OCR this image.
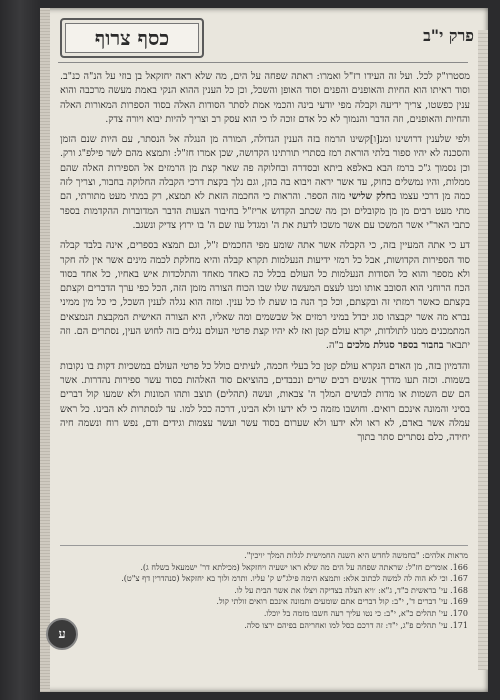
פרק י"ב
כסף צרוף

מסטרו"ק לכל. ועל זה העידו רז"ל ואמרו: ראתה שפחה על הים, מה שלא ראה יחזקאל בן בוזי על הנ"ה כנ"ב. וסוד ראיתו הוא החיות והאופנים והפנים וסוד האופן והשכל, וכן כל הענין ההוא הנקי באמת מעשה מרכבה והוא ענין כפשטו, צריך ידיעה וקבלה מפי יודעי בינה והכמי אמת לסתר הסודות האלה בסוד הספרות המאורות האלה והחיות והאופנים, וזה הדבר והנמוך לא כל אדם זוכה לו כי הוא עסק רב וצריך להיות יבוא ויורה צדק.

ולפי שלענין דרושינו ומנ[ו]קשינו הרמוז בזה הענין הגדולה, המורה מן הנגלה אל הנסתר, עם היות שנם הזמן והסכנה לא יהיו ספור בלתי הוראת רמז בסתרי תורתינו הקדושה, שכן אמרו חז"ל: ותמצא מהם לשר פילפ"ג ורק. וכן נסמוך ג"כ ברמז הבא באלפא ביתא ובסדרה ובחלוקה פה שאר קצת מן הרמזים אל הספירות האלה שהם ממלות, והיו נמשלים כחוק, עד אשר יראה ויבוא בה בהן, וגם נלך בקצת דרכי הקבלה החלוקה בחבור, וצריך לזה כמה מן דרכי עצמו בחלק שלישי מזה הספר. והראות כי החכמה הזאת לא תמצא, רק במתי מעט מתורתי, הם מתי מעט רבים מן מן מקובלים וכן מה שכתב הקדוש אריז"ל בחיבור הצעות הדבר המדוברות ההקדמות בספר כתבי האר"י אשר המשכו עם אשר משכו לדעת את ה' ומגדל עוז שם ה' בו ירוץ צדיק ונשגב.

דע כי אתה המעיין בזה, כי הקבלה אשר אתה שומע מפי החכמים ז"ל, וגם תמצא בספרים, אינה בלבד קבלה סוד הספירות הקדושות, אבל כל רמזי ידיעות הנעלמות תקרא קבלה והיא מחלקת לכמה מינים אשר אין לה חקר ולא מספר והוא כל הסודות הנעלמות כל העולם בכלל כה כאחד מאחד והתלכדות איש באחיו, כל אחד בסוד הכח הרוחני הוא הסובב אותו ומנו לעצם המעשה שלו שבו הכוח הצורה מזמן הזה, הכל כפי ערך הדברים וקצתם בקצתם כאשר רמזתי זה ובקצתם, וכל כך הנה בו שעת לו כל ענין. ומזה הוא נגלה לענין השכל, כי כל מין ממיני נברא מה אשר יקבצהו סוג יבדל במיני רמזים אל שבשמים ומה שאליו, היא הצורה האישית המקבצת הנמצאים המתמכנים ממנו לתולדות, יקרא עולם קטן ואז לא יהיו קצת פרטי העולם נגלים בזה לחוש העין, נסתרים הם. וזה יתבאר בחבור בספר סגולת מלכים ב"ה.

והדמיון בזה, מן האדם הנקרא עולם קטן כל בעלי חכמה, לעיתים כולל כל פרטי העולם במשכיות דקות בו נקובות בשמות. וכזה תעו מדרך אנשים רבים שרים ונכבדים, בהוציאם סוד האלהות בסוד עשר ספירות נהדרות. אשר הם שם השמות או מדות לבושים המלך ה' צבאות, ועשה (תהלים) תוצב ותהו המונות ולא שמעו קול דברים בסיני והמונה אינכם רואים. וחושבו מזמה כי לא ידעו ולא הבינו, דרכה ככל למו. עד לנסתרות לא הבינו. כל ראש עמלה אשר באדם, לא ראו ולא ידעו ולא שערום בסוד עשר ועשר עצמות וגידים ודם, נפש רוח ונשמה חיה יחידה, כלם נסתרים סתר בתוך

מראות אלהים: "בחמשה לחדש היא השנה החמישית לגלות המלך יויכין".
166. אומרים חז"ל: שראתה שפחה על הים מה שלא ראו ישעיה ויחזקאל (מכילתא דר' ישמעאל בשלח ג).
167. וכי לא הוה לה למשה לכתוב אלא: ותמצא הימה פילג"ש ק' עליו. ותרמ ולוך בא יחזקאל (סנהדרין דף צ"ט).
168. עי' בראשית כ"ד, ג"א: ׳ויא הצלה בצדיקה ויצלו את אשר הבית על לו.
169. עי' דברים ד', י"ב: קול דברים אתם שומעים ותמונה אינכם רואים זולתי קול.
170. עי' תהלים כ"א, י"ב: כי נטו עליך רעה חשבו מזמה בל יוכלו.
171. עי' תהלים פ"ג, י"ד: זה דרכם כסל למו ואחריהם בפיהם ירצו סלה.
ע
